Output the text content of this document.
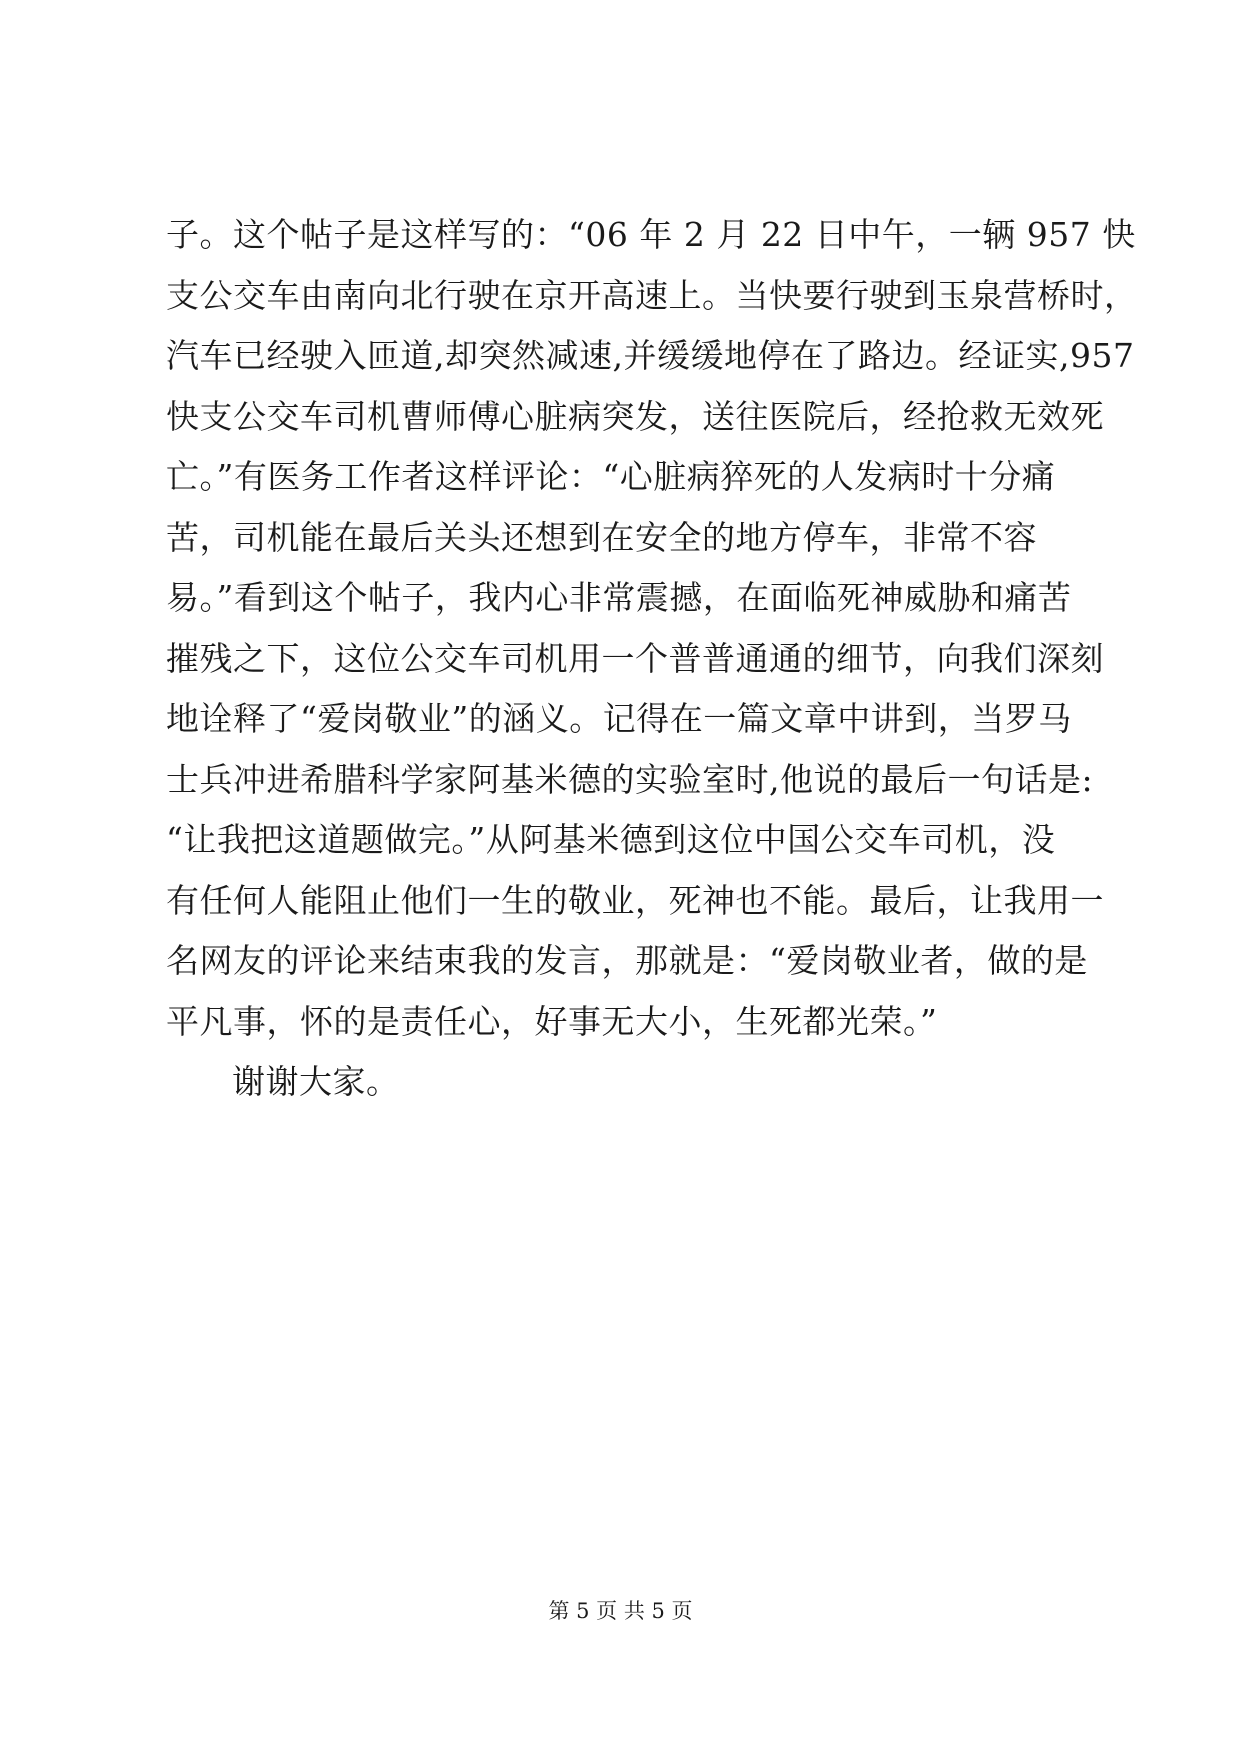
子。这个帖子是这样写的：“06 年 2 月 22 日中午，一辆 957 快
支公交车由南向北行驶在京开高速上。当快要行驶到玉泉营桥时，
汽车已经驶入匝道,却突然减速,并缓缓地停在了路边。经证实,957
快支公交车司机曹师傅心脏病突发，送往医院后，经抢救无效死
亡。”有医务工作者这样评论：“心脏病猝死的人发病时十分痛
苦，司机能在最后关头还想到在安全的地方停车，非常不容
易。”看到这个帖子，我内心非常震撼，在面临死神威胁和痛苦
摧残之下，这位公交车司机用一个普普通通的细节，向我们深刻
地诠释了“爱岗敬业”的涵义。记得在一篇文章中讲到，当罗马
士兵冲进希腊科学家阿基米德的实验室时,他说的最后一句话是:
“让我把这道题做完。”从阿基米德到这位中国公交车司机，没
有任何人能阻止他们一生的敬业，死神也不能。最后，让我用一
名网友的评论来结束我的发言，那就是：“爱岗敬业者，做的是
平凡事，怀的是责任心，好事无大小，生死都光荣。”
谢谢大家。
第 5 页 共 5 页
